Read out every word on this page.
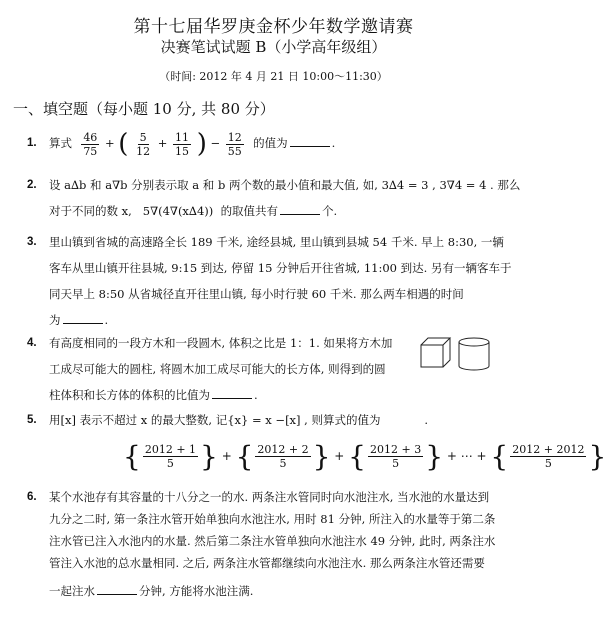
第十七届华罗庚金杯少年数学邀请赛
决赛笔试试题 B（小学高年级组）
（时间: 2012 年 4 月 21 日 10:00～11:30）
一、填空题（每小题 10 分, 共 80 分）
1. 算式 $\frac{46}{75}$ + ( $\frac{5}{12} + \frac{11}{15}$ ) − $\frac{12}{55}$ 的值为	.
2. 设 a∆b 和 a∇b 分别表示取 a 和 b 两个数的最小值和最大值, 如, 3∆4 = 3 , 3∇4 = 4 . 那么
对于不同的数 x, 5∇(4∇(x∆4)) 的取值共有	个.
3. 里山镇到省城的高速路全长 189 千米, 途经县城, 里山镇到县城 54 千米. 早上 8:30, 一辆
客车从里山镇开往县城, 9:15 到达, 停留 15 分钟后开往省城, 11:00 到达. 另有一辆客车于
同天早上 8:50 从省城径直开往里山镇, 每小时行驶 60 千米. 那么两车相遇的时间
为	.
4. 有高度相同的一段方木和一段圆木, 体积之比是 1：1. 如果将方木加
工成尽可能大的圆柱, 将圆木加工成尽可能大的长方体, 则得到的圆
柱体积和长方体的体积的比值为	.
5. 用[x] 表示不超过 x 的最大整数, 记{x} = x −[x] , 则算式的值为	.
{ $\frac{2012 + 1}{5}$ } + { $\frac{2012 + 2}{5}$ } + { $\frac{2012 + 3}{5}$ } + ⋯ + { $\frac{2012 + 2012}{5}$ }
6. 某个水池存有其容量的十八分之一的水. 两条注水管同时向水池注水, 当水池的水量达到
九分之二时, 第一条注水管开始单独向水池注水, 用时 81 分钟, 所注入的水量等于第二条
注水管已注入水池内的水量. 然后第二条注水管单独向水池注水 49 分钟, 此时, 两条注水
管注入水池的总水量相同. 之后, 两条注水管都继续向水池注水. 那么两条注水管还需要
一起注水	分钟, 方能将水池注满.
